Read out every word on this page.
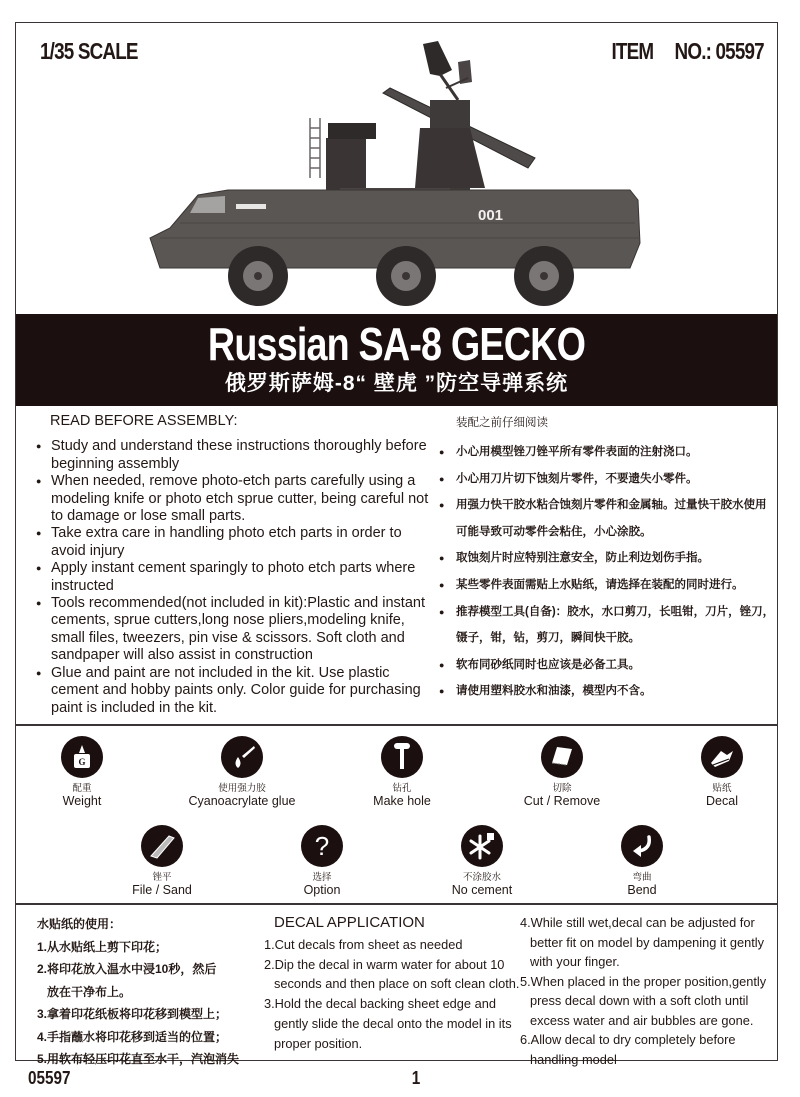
1/35 SCALE	ITEM NO.: 05597
001
Russian SA-8 GECKO
俄罗斯萨姆-8“ 壁虎 ”防空导弹系统
READ BEFORE ASSEMBLY:
● Study and understand these instructions thoroughly before beginning assembly
● When needed, remove photo-etch parts carefully using a modeling knife or photo etch sprue cutter, being careful not to damage or lose small parts.
● Take extra care in handling photo etch parts in order to avoid injury
● Apply instant cement sparingly to photo etch parts where instructed
● Tools recommended(not included in kit):Plastic and instant cements, sprue cutters,long nose pliers,modeling knife, small files, tweezers, pin vise & scissors. Soft cloth and sandpaper will also assist in construction
● Glue and paint are not included in the kit. Use plastic cement and hobby paints only. Color guide for purchasing paint is included in the kit.
装配之前仔细阅读
● 小心用模型锉刀锉平所有零件表面的注射浇口。
● 小心用刀片切下蚀刻片零件，不要遗失小零件。
● 用强力快干胶水粘合蚀刻片零件和金属轴。过量快干胶水使用可能导致可动零件会粘住，小心涂胶。
● 取蚀刻片时应特别注意安全，防止利边划伤手指。
● 某些零件表面需贴上水贴纸，请选择在装配的同时进行。
● 推荐模型工具(自备)：胶水，水口剪刀，长咀钳，刀片，锉刀，镊子，钳，钻，剪刀，瞬间快干胶。
● 软布同砂纸同时也应该是必备工具。
● 请使用塑料胶水和油漆，模型内不含。
G
配重
Weight
使用强力胶
Cyanoacrylate glue
钻孔
Make hole
切除
Cut / Remove
贴纸
Decal
锉平
File / Sand
?
选择
Option
不涂胶水
No cement
弯曲
Bend
水贴纸的使用：
1.从水贴纸上剪下印花；
2.将印花放入温水中浸10秒，然后
放在干净布上。
3.拿着印花纸板将印花移到模型上；
4.手指蘸水将印花移到适当的位置；
5.用软布轻压印花直至水干，汽泡消失
DECAL APPLICATION
1.Cut decals from sheet as needed
2.Dip the decal in warm water for about 10 seconds and then place on soft clean cloth.
3.Hold the decal backing sheet edge and gently slide the decal onto the model in its proper position.
4.While still wet,decal can be adjusted for better fit on model by dampening it gently with your finger.
5.When placed in the proper position,gently press decal down with a soft cloth until excess water and air bubbles are gone.
6.Allow decal to dry completely before handling model
05597	1
